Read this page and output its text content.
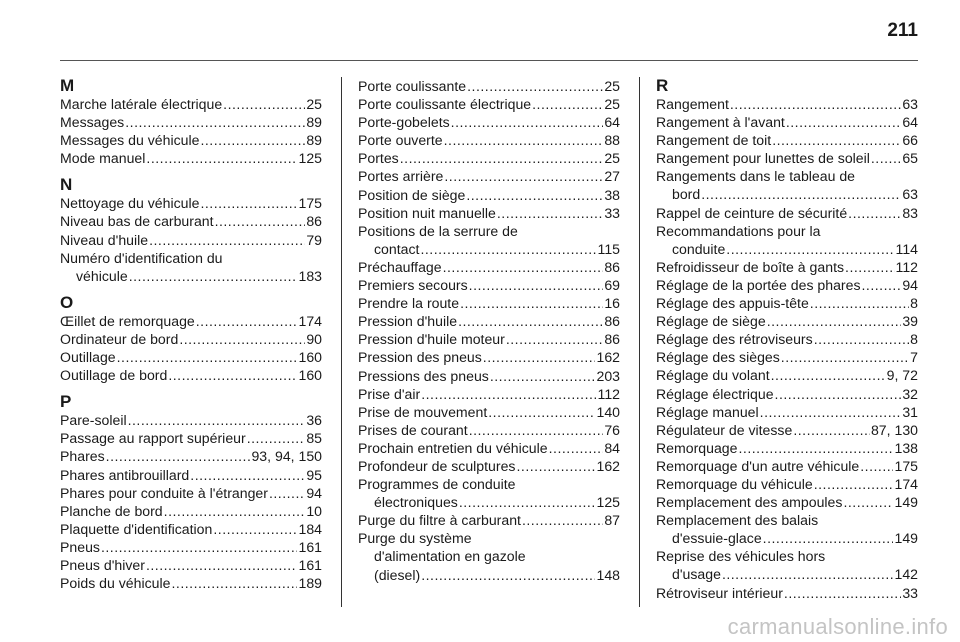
211
M
Marche latérale électrique .....	25
Messages .....	89
Messages du véhicule .....	89
Mode manuel .....	125
N
Nettoyage du véhicule .....	175
Niveau bas de carburant .....	86
Niveau d'huile .....	79
Numéro d'identification du
véhicule .....	183
O
Œillet de remorquage .....	174
Ordinateur de bord .....	90
Outillage .....	160
Outillage de bord .....	160
P
Pare-soleil .....	36
Passage au rapport supérieur .....	85
Phares .....	93, 94, 150
Phares antibrouillard .....	95
Phares pour conduite à l'étranger .....	94
Planche de bord .....	10
Plaquette d'identification .....	184
Pneus .....	161
Pneus d'hiver .....	161
Poids du véhicule .....	189
Porte coulissante .....	25
Porte coulissante électrique .....	25
Porte-gobelets .....	64
Porte ouverte .....	88
Portes .....	25
Portes arrière .....	27
Position de siège .....	38
Position nuit manuelle .....	33
Positions de la serrure de
contact .....	115
Préchauffage .....	86
Premiers secours .....	69
Prendre la route .....	16
Pression d'huile .....	86
Pression d'huile moteur .....	86
Pression des pneus .....	162
Pressions des pneus .....	203
Prise d'air .....	112
Prise de mouvement .....	140
Prises de courant .....	76
Prochain entretien du véhicule .....	84
Profondeur de sculptures .....	162
Programmes de conduite
électroniques .....	125
Purge du filtre à carburant .....	87
Purge du système
d'alimentation en gazole
(diesel) .....	148
R
Rangement .....	63
Rangement à l'avant .....	64
Rangement de toit .....	66
Rangement pour lunettes de soleil ..... 65
Rangements dans le tableau de
bord .....	63
Rappel de ceinture de sécurité .....	83
Recommandations pour la
conduite .....	114
Refroidisseur de boîte à gants .....	112
Réglage de la portée des phares .....	94
Réglage des appuis-tête .....	8
Réglage de siège .....	39
Réglage des rétroviseurs .....	8
Réglage des sièges .....	7
Réglage du volant .....	9, 72
Réglage électrique .....	32
Réglage manuel .....	31
Régulateur de vitesse .....	87, 130
Remorquage .....	138
Remorquage d'un autre véhicule ..... 175
Remorquage du véhicule .....	174
Remplacement des ampoules .....	149
Remplacement des balais
d'essuie-glace .....	149
Reprise des véhicules hors
d'usage .....	142
Rétroviseur intérieur .....	33
carmanualsonline.info
